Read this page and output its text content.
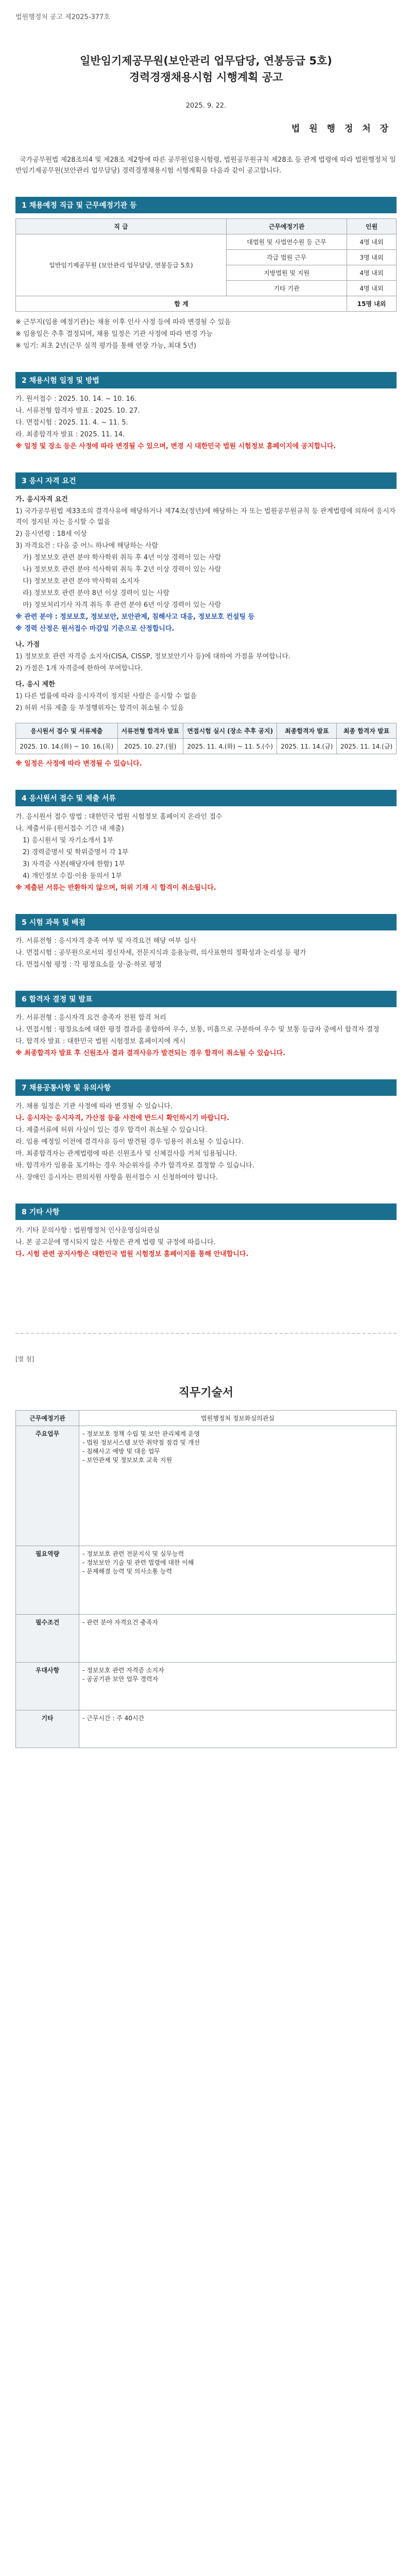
법원행정처 공고 제2025-377호
일반임기제공무원(보안관리 업무담당, 연봉등급 5호)
경력경쟁채용시험 시행계획 공고
2025. 9. 22.
법 원 행 정 처 장
국가공무원법 제28조의4 및 제28조 제2항에 따른 공무원임용시험령, 법원공무원규칙 제28조 등 관계 법령에 따라 법원행정처 일반임기제공무원(보안관리 업무담당) 경력경쟁채용시험 시행계획을 다음과 같이 공고합니다.
1 채용예정 직급 및 근무예정기관 등
직 급	근무예정기관	인원
일반임기제공무원 (보안관리 업무담당, 연봉등급 5호)	대법원 및 사법연수원 등 근무	4명 내외
	각급 법원 근무	3명 내외
	지방법원 및 지원	4명 내외
	기타 기관	4명 내외
합 계		15명 내외
※ 근무지(임용 예정기관)는 채용 이후 인사 사정 등에 따라 변경될 수 있음
※ 임용일은 추후 결정되며, 채용 일정은 기관 사정에 따라 변경 가능
※ 임기: 최초 2년(근무 실적 평가를 통해 연장 가능, 최대 5년)
2 채용시험 일정 및 방법
가. 원서접수 : 2025. 10. 14. ~ 10. 16.
나. 서류전형 합격자 발표 : 2025. 10. 27.
다. 면접시험 : 2025. 11. 4. ~ 11. 5.
라. 최종합격자 발표 : 2025. 11. 14.
※ 일정 및 장소 등은 사정에 따라 변경될 수 있으며, 변경 시 대한민국 법원 시험정보 홈페이지에 공지합니다.
3 응시 자격 요건
가. 응시자격 요건
1) 국가공무원법 제33조의 결격사유에 해당하거나 제74조(정년)에 해당하는 자 또는 법원공무원규칙 등 관계법령에 의하여 응시자격이 정지된 자는 응시할 수 없음
2) 응시연령 : 18세 이상
3) 자격요건 : 다음 중 어느 하나에 해당하는 사람
가) 정보보호 관련 분야 학사학위 취득 후 4년 이상 경력이 있는 사람
나) 정보보호 관련 분야 석사학위 취득 후 2년 이상 경력이 있는 사람
다) 정보보호 관련 분야 박사학위 소지자
라) 정보보호 관련 분야 8년 이상 경력이 있는 사람
마) 정보처리기사 자격 취득 후 관련 분야 6년 이상 경력이 있는 사람
※ 관련 분야 : 정보보호, 정보보안, 보안관제, 침해사고 대응, 정보보호 컨설팅 등
※ 경력 산정은 원서접수 마감일 기준으로 산정합니다.
나. 가점
1) 정보보호 관련 자격증 소지자(CISA, CISSP, 정보보안기사 등)에 대하여 가점을 부여합니다.
2) 가점은 1개 자격증에 한하여 부여합니다.
다. 응시 제한
1) 다른 법률에 따라 응시자격이 정지된 사람은 응시할 수 없음
2) 허위 서류 제출 등 부정행위자는 합격이 취소될 수 있음
응시원서 접수 및 서류제출	서류전형 합격자 발표	면접시험 실시 (장소 추후 공지)	최종합격자 발표	최종 합격자 발표
2025. 10. 14.(화) ~ 10. 16.(목)	2025. 10. 27.(월)	2025. 11. 4.(화) ~ 11. 5.(수)	2025. 11. 14.(금)	2025. 11. 14.(금)
※ 일정은 사정에 따라 변경될 수 있습니다.
4 응시원서 접수 및 제출 서류
가. 응시원서 접수 방법 : 대한민국 법원 시험정보 홈페이지 온라인 접수
나. 제출서류 (원서접수 기간 내 제출)
1) 응시원서 및 자기소개서 1부
2) 경력증명서 및 학위증명서 각 1부
3) 자격증 사본(해당자에 한함) 1부
4) 개인정보 수집·이용 동의서 1부
※ 제출된 서류는 반환하지 않으며, 허위 기재 시 합격이 취소됩니다.
5 시험 과목 및 배점
가. 서류전형 : 응시자격 충족 여부 및 자격요건 해당 여부 심사
나. 면접시험 : 공무원으로서의 정신자세, 전문지식과 응용능력, 의사표현의 정확성과 논리성 등 평가
다. 면접시험 평정 : 각 평정요소를 상·중·하로 평정
6 합격자 결정 및 발표
가. 서류전형 : 응시자격 요건 충족자 전원 합격 처리
나. 면접시험 : 평정요소에 대한 평정 결과를 종합하여 우수, 보통, 미흡으로 구분하여 우수 및 보통 등급자 중에서 합격자 결정
다. 합격자 발표 : 대한민국 법원 시험정보 홈페이지에 게시
※ 최종합격자 발표 후 신원조사 결과 결격사유가 발견되는 경우 합격이 취소될 수 있습니다.
7 채용공통사항 및 유의사항
가. 채용 일정은 기관 사정에 따라 변경될 수 있습니다.
나. 응시자는 응시자격, 가산점 등을 사전에 반드시 확인하시기 바랍니다.
다. 제출서류에 허위 사실이 있는 경우 합격이 취소될 수 있습니다.
라. 임용 예정일 이전에 결격사유 등이 발견될 경우 임용이 취소될 수 있습니다.
마. 최종합격자는 관계법령에 따른 신원조사 및 신체검사를 거쳐 임용됩니다.
바. 합격자가 임용을 포기하는 경우 차순위자를 추가 합격자로 결정할 수 있습니다.
사. 장애인 응시자는 편의지원 사항을 원서접수 시 신청하여야 합니다.
8 기타 사항
가. 기타 문의사항 : 법원행정처 인사운영심의관실
나. 본 공고문에 명시되지 않은 사항은 관계 법령 및 규정에 따릅니다.
다. 시험 관련 공지사항은 대한민국 법원 시험정보 홈페이지를 통해 안내합니다.
[별 첨]
직무기술서
근무예정기관	법원행정처 정보화심의관실
주요업무	- 정보보호 정책 수립 및 보안 관리체계 운영
- 법원 정보시스템 보안 취약점 점검 및 개선
- 침해사고 예방 및 대응 업무
- 보안관제 및 정보보호 교육 지원
필요역량	- 정보보호 관련 전문지식 및 실무능력
- 정보보안 기술 및 관련 법령에 대한 이해
- 문제해결 능력 및 의사소통 능력
필수조건	- 관련 분야 자격요건 충족자
우대사항	- 정보보호 관련 자격증 소지자
- 공공기관 보안 업무 경력자
기타	- 근무시간 : 주 40시간
